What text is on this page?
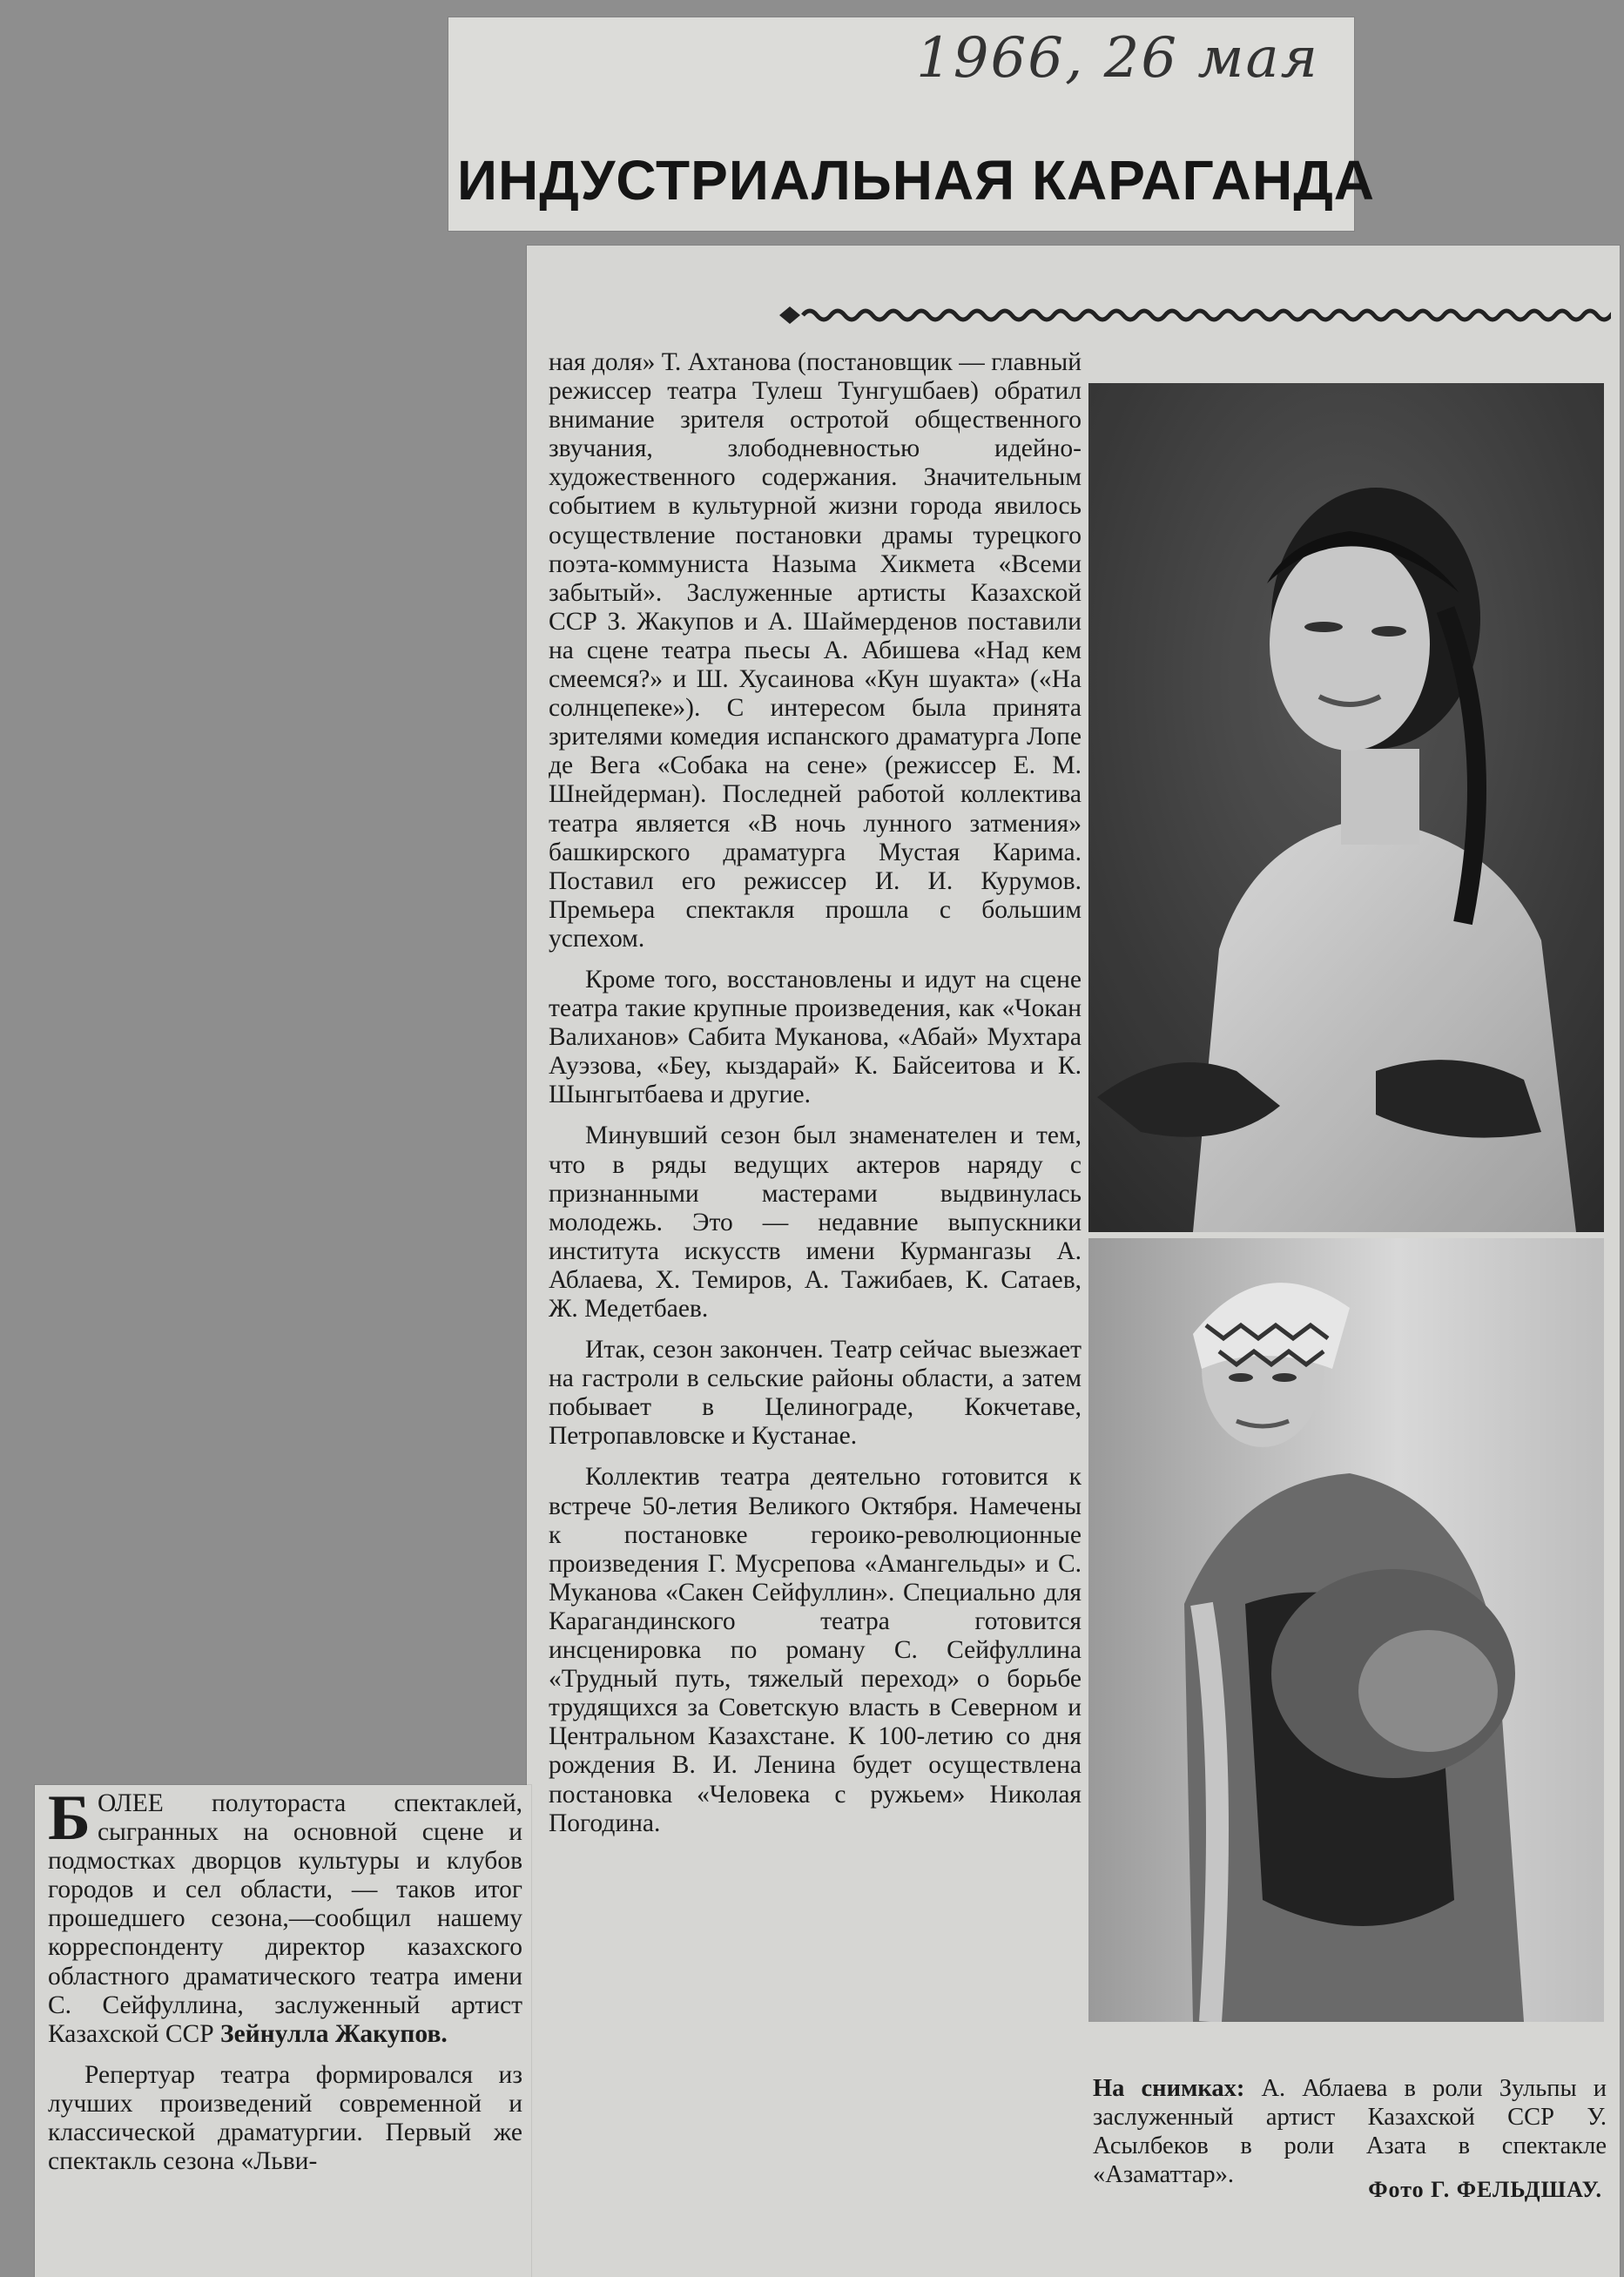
1966, 26 мая
ИНДУСТРИАЛЬНАЯ КАРАГАНДА

ная доля» Т. Ахтанова (постановщик — главный режиссер театра Тулеш Тунгушбаев) обратил внимание зрителя остротой общественного звучания, злободневностью идейно-художественного содержания. Значительным событием в культурной жизни города явилось осуществление постановки драмы турецкого поэта-коммуниста Назыма Хикмета «Всеми забытый». Заслуженные артисты Казахской ССР З. Жакупов и А. Шаймерденов поставили на сцене театра пьесы А. Абишева «Над кем смеемся?» и Ш. Хусаинова «Кун шуакта» («На солнцепеке»). С интересом была принята зрителями комедия испанского драматурга Лопе де Вега «Собака на сене» (режиссер Е. М. Шнейдерман). Последней работой коллектива театра является «В ночь лунного затмения» башкирского драматурга Мустая Карима. Поставил его режиссер И. И. Курумов. Премьера спектакля прошла с большим успехом.

Кроме того, восстановлены и идут на сцене театра такие крупные произведения, как «Чокан Валиханов» Сабита Муканова, «Абай» Мухтара Ауэзова, «Беу, кыздарай» К. Байсеитова и К. Шынгытбаева и другие.

Минувший сезон был знаменателен и тем, что в ряды ведущих актеров наряду с признанными мастерами выдвинулась молодежь. Это — недавние выпускники института искусств имени Курмангазы А. Аблаева, Х. Темиров, А. Тажибаев, К. Сатаев, Ж. Медетбаев.

Итак, сезон закончен. Театр сейчас выезжает на гастроли в сельские районы области, а затем побывает в Целинограде, Кокчетаве, Петропавловске и Кустанае.

Коллектив театра деятельно готовится к встрече 50-летия Великого Октября. Намечены к постановке героико-революционные произведения Г. Мусрепова «Амангельды» и С. Муканова «Сакен Сейфуллин». Специально для Карагандинского театра готовится инсценировка по роману С. Сейфуллина «Трудный путь, тяжелый переход» о борьбе трудящихся за Советскую власть в Северном и Центральном Казахстане. К 100-летию со дня рождения В. И. Ленина будет осуществлена постановка «Человека с ружьем» Николая Погодина.

На снимках: А. Аблаева в роли Зульпы и заслуженный артист Казахской ССР У. Асылбеков в роли Азата в спектакле «Азаматтар».
Фото Г. ФЕЛЬДШАУ.

БОЛЕЕ полутораста спектаклей, сыгранных на основной сцене и подмостках дворцов культуры и клубов городов и сел области, — таков итог прошедшего сезона,—сообщил нашему корреспонденту директор казахского областного драматического театра имени С. Сейфуллина, заслуженный артист Казахской ССР Зейнулла Жакупов.

Репертуар театра формировался из лучших произведений современной и классической драматургии. Первый же спектакль сезона «Льви-
